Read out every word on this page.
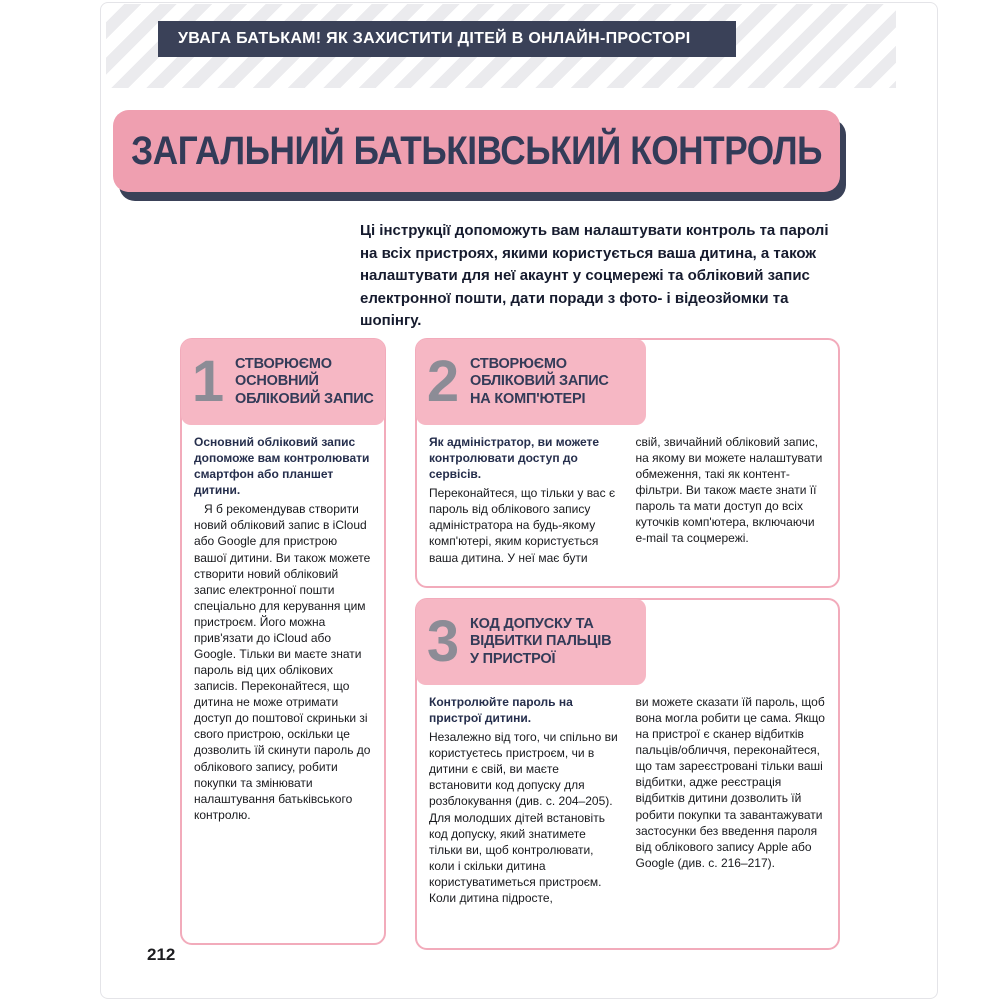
УВАГА БАТЬКАМ! ЯК ЗАХИСТИТИ ДІТЕЙ В ОНЛАЙН-ПРОСТОРІ
ЗАГАЛЬНИЙ БАТЬКІВСЬКИЙ КОНТРОЛЬ
Ці інструкції допоможуть вам налаштувати контроль та паролі на всіх пристроях, якими користується ваша дитина, а також налаштувати для неї акаунт у соцмережі та обліковий запис електронної пошти, дати поради з фото- і відеозйомки та шопінгу.
1 СТВОРЮЄМО
ОСНОВНИЙ
ОБЛІКОВИЙ ЗАПИС

Основний обліковий запис допоможе вам контролювати смартфон або планшет дитини.

Я б рекомендував створити новий обліковий запис в iCloud або Google для пристрою вашої дитини. Ви також можете створити новий обліковий запис електронної пошти спеціально для керування цим пристроєм. Його можна прив'язати до iCloud або Google. Тільки ви маєте знати пароль від цих облікових записів. Переконайтеся, що дитина не може отримати доступ до поштової скриньки зі свого пристрою, оскільки це дозволить їй скинути пароль до облікового запису, робити покупки та змінювати налаштування батьківського контролю.

2 СТВОРЮЄМО
ОБЛІКОВИЙ ЗАПИС
НА КОМП'ЮТЕРІ

Як адміністратор, ви можете контролювати доступ до сервісів.

Переконайтеся, що тільки у вас є пароль від облікового запису адміністратора на будь-якому комп'ютері, яким користується ваша дитина. У неї має бути

свій, звичайний обліковий запис, на якому ви можете налаштувати обмеження, такі як контент-фільтри. Ви також маєте знати її пароль та мати доступ до всіх куточків комп'ютера, включаючи e-mail та соцмережі.

3 КОД ДОПУСКУ ТА
ВІДБИТКИ ПАЛЬЦІВ
У ПРИСТРОЇ

Контролюйте пароль на пристрої дитини.

Незалежно від того, чи спільно ви користуєтесь пристроєм, чи в дитини є свій, ви маєте встановити код допуску для розблокування (див. с. 204–205). Для молодших дітей встановіть код допуску, який знатимете тільки ви, щоб контролювати, коли і скільки дитина користуватиметься пристроєм. Коли дитина підросте,

ви можете сказати їй пароль, щоб вона могла робити це сама. Якщо на пристрої є сканер відбитків пальців/обличчя, переконайтеся, що там зареєстровані тільки ваші відбитки, адже реєстрація відбитків дитини дозволить їй робити покупки та завантажувати застосунки без введення пароля від облікового запису Apple або Google (див. с. 216–217).

212
